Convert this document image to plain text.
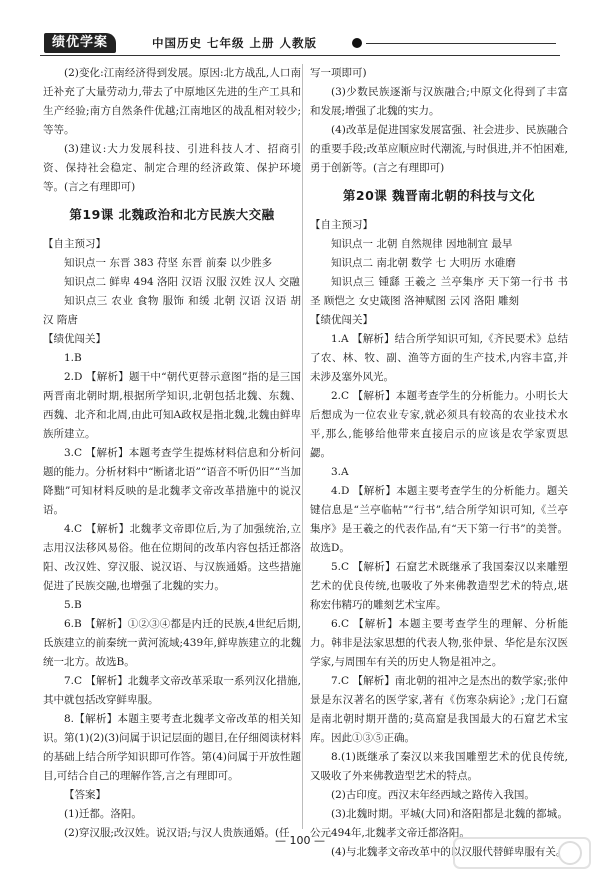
绩优学案	中国历史 七年级 上册 人教版

(2)变化:江南经济得到发展。原因:北方战乱,人口南迁补充了大量劳动力,带去了中原地区先进的生产工具和生产经验;南方自然条件优越;江南地区的战乱相对较少;等等。

(3)建议:大力发展科技、引进科技人才、招商引资、保持社会稳定、制定合理的经济政策、保护环境等。(言之有理即可)

第19课 北魏政治和北方民族大交融

【自主预习】

知识点一 东晋 383 苻坚 东晋 前秦 以少胜多

知识点二 鲜卑 494 洛阳 汉语 汉服 汉姓 汉人 交融

知识点三 农业 食物 服饰 和缓 北朝 汉语 汉语 胡 汉 隋唐

【绩优闯关】

1.B

2.D 【解析】题干中“朝代更替示意图”指的是三国两晋南北朝时期,根据所学知识,北朝包括北魏、东魏、西魏、北齐和北周,由此可知A政权是指北魏,北魏由鲜卑族所建立。

3.C 【解析】本题考查学生提炼材料信息和分析问题的能力。分析材料中“断诸北语”“语音不听仍旧”“当加降黜”可知材料反映的是北魏孝文帝改革措施中的说汉语。

4.C 【解析】北魏孝文帝即位后,为了加强统治,立志用汉法移风易俗。他在位期间的改革内容包括迁都洛阳、改汉姓、穿汉服、说汉语、与汉族通婚。这些措施促进了民族交融,也增强了北魏的实力。

5.B

6.B 【解析】①②③④都是内迁的民族,4世纪后期,氐族建立的前秦统一黄河流域;439年,鲜卑族建立的北魏统一北方。故选B。

7.C 【解析】北魏孝文帝改革采取一系列汉化措施,其中就包括改穿鲜卑服。

8.【解析】本题主要考查北魏孝文帝改革的相关知识。第(1)(2)(3)问属于识记层面的题目,在仔细阅读材料的基础上结合所学知识即可作答。第(4)问属于开放性题目,可结合自己的理解作答,言之有理即可。

【答案】

(1)迁都。洛阳。

(2)穿汉服;改汉姓。说汉语;与汉人贵族通婚。(任

写一项即可)

(3)少数民族逐渐与汉族融合;中原文化得到了丰富和发展;增强了北魏的实力。

(4)改革是促进国家发展富强、社会进步、民族融合的重要手段;改革应顺应时代潮流,与时俱进,并不怕困难,勇于创新等。(言之有理即可)

第20课 魏晋南北朝的科技与文化

【自主预习】

知识点一 北朝 自然规律 因地制宜 最早

知识点二 南北朝 数学 七 大明历 水碓磨

知识点三 锺繇 王羲之 兰亭集序 天下第一行书 书圣 顾恺之 女史箴图 洛神赋图 云冈 洛阳 雕刻

【绩优闯关】

1.A 【解析】结合所学知识可知,《齐民要术》总结了农、林、牧、副、渔等方面的生产技术,内容丰富,并未涉及塞外风光。

2.C 【解析】本题考查学生的分析能力。小明长大后想成为一位农业专家,就必须具有较高的农业技术水平,那么,能够给他带来直接启示的应该是农学家贾思勰。

3.A

4.D 【解析】本题主要考查学生的分析能力。题关键信息是“兰亭临帖”“行书”,结合所学知识可知,《兰亭集序》是王羲之的代表作品,有“天下第一行书”的美誉。故选D。

5.C 【解析】石窟艺术既继承了我国秦汉以来雕塑艺术的优良传统,也吸收了外来佛教造型艺术的特点,堪称宏伟精巧的雕刻艺术宝库。

6.C 【解析】本题主要考查学生的理解、分析能力。韩非是法家思想的代表人物,张仲景、华佗是东汉医学家,与周围车有关的历史人物是祖冲之。

7.C 【解析】南北朝的祖冲之是杰出的数学家;张仲景是东汉著名的医学家,著有《伤寒杂病论》;龙门石窟是南北朝时期开凿的;莫高窟是我国最大的石窟艺术宝库。因此①③⑤正确。

8.(1)既继承了秦汉以来我国雕塑艺术的优良传统,又吸收了外来佛教造型艺术的特点。

(2)古印度。西汉末年经西域之路传入我国。

(3)北魏时期。平城(大同)和洛阳都是北魏的都城。公元494年,北魏孝文帝迁都洛阳。

(4)与北魏孝文帝改革中的以汉服代替鲜卑服有关。

— 100 —
